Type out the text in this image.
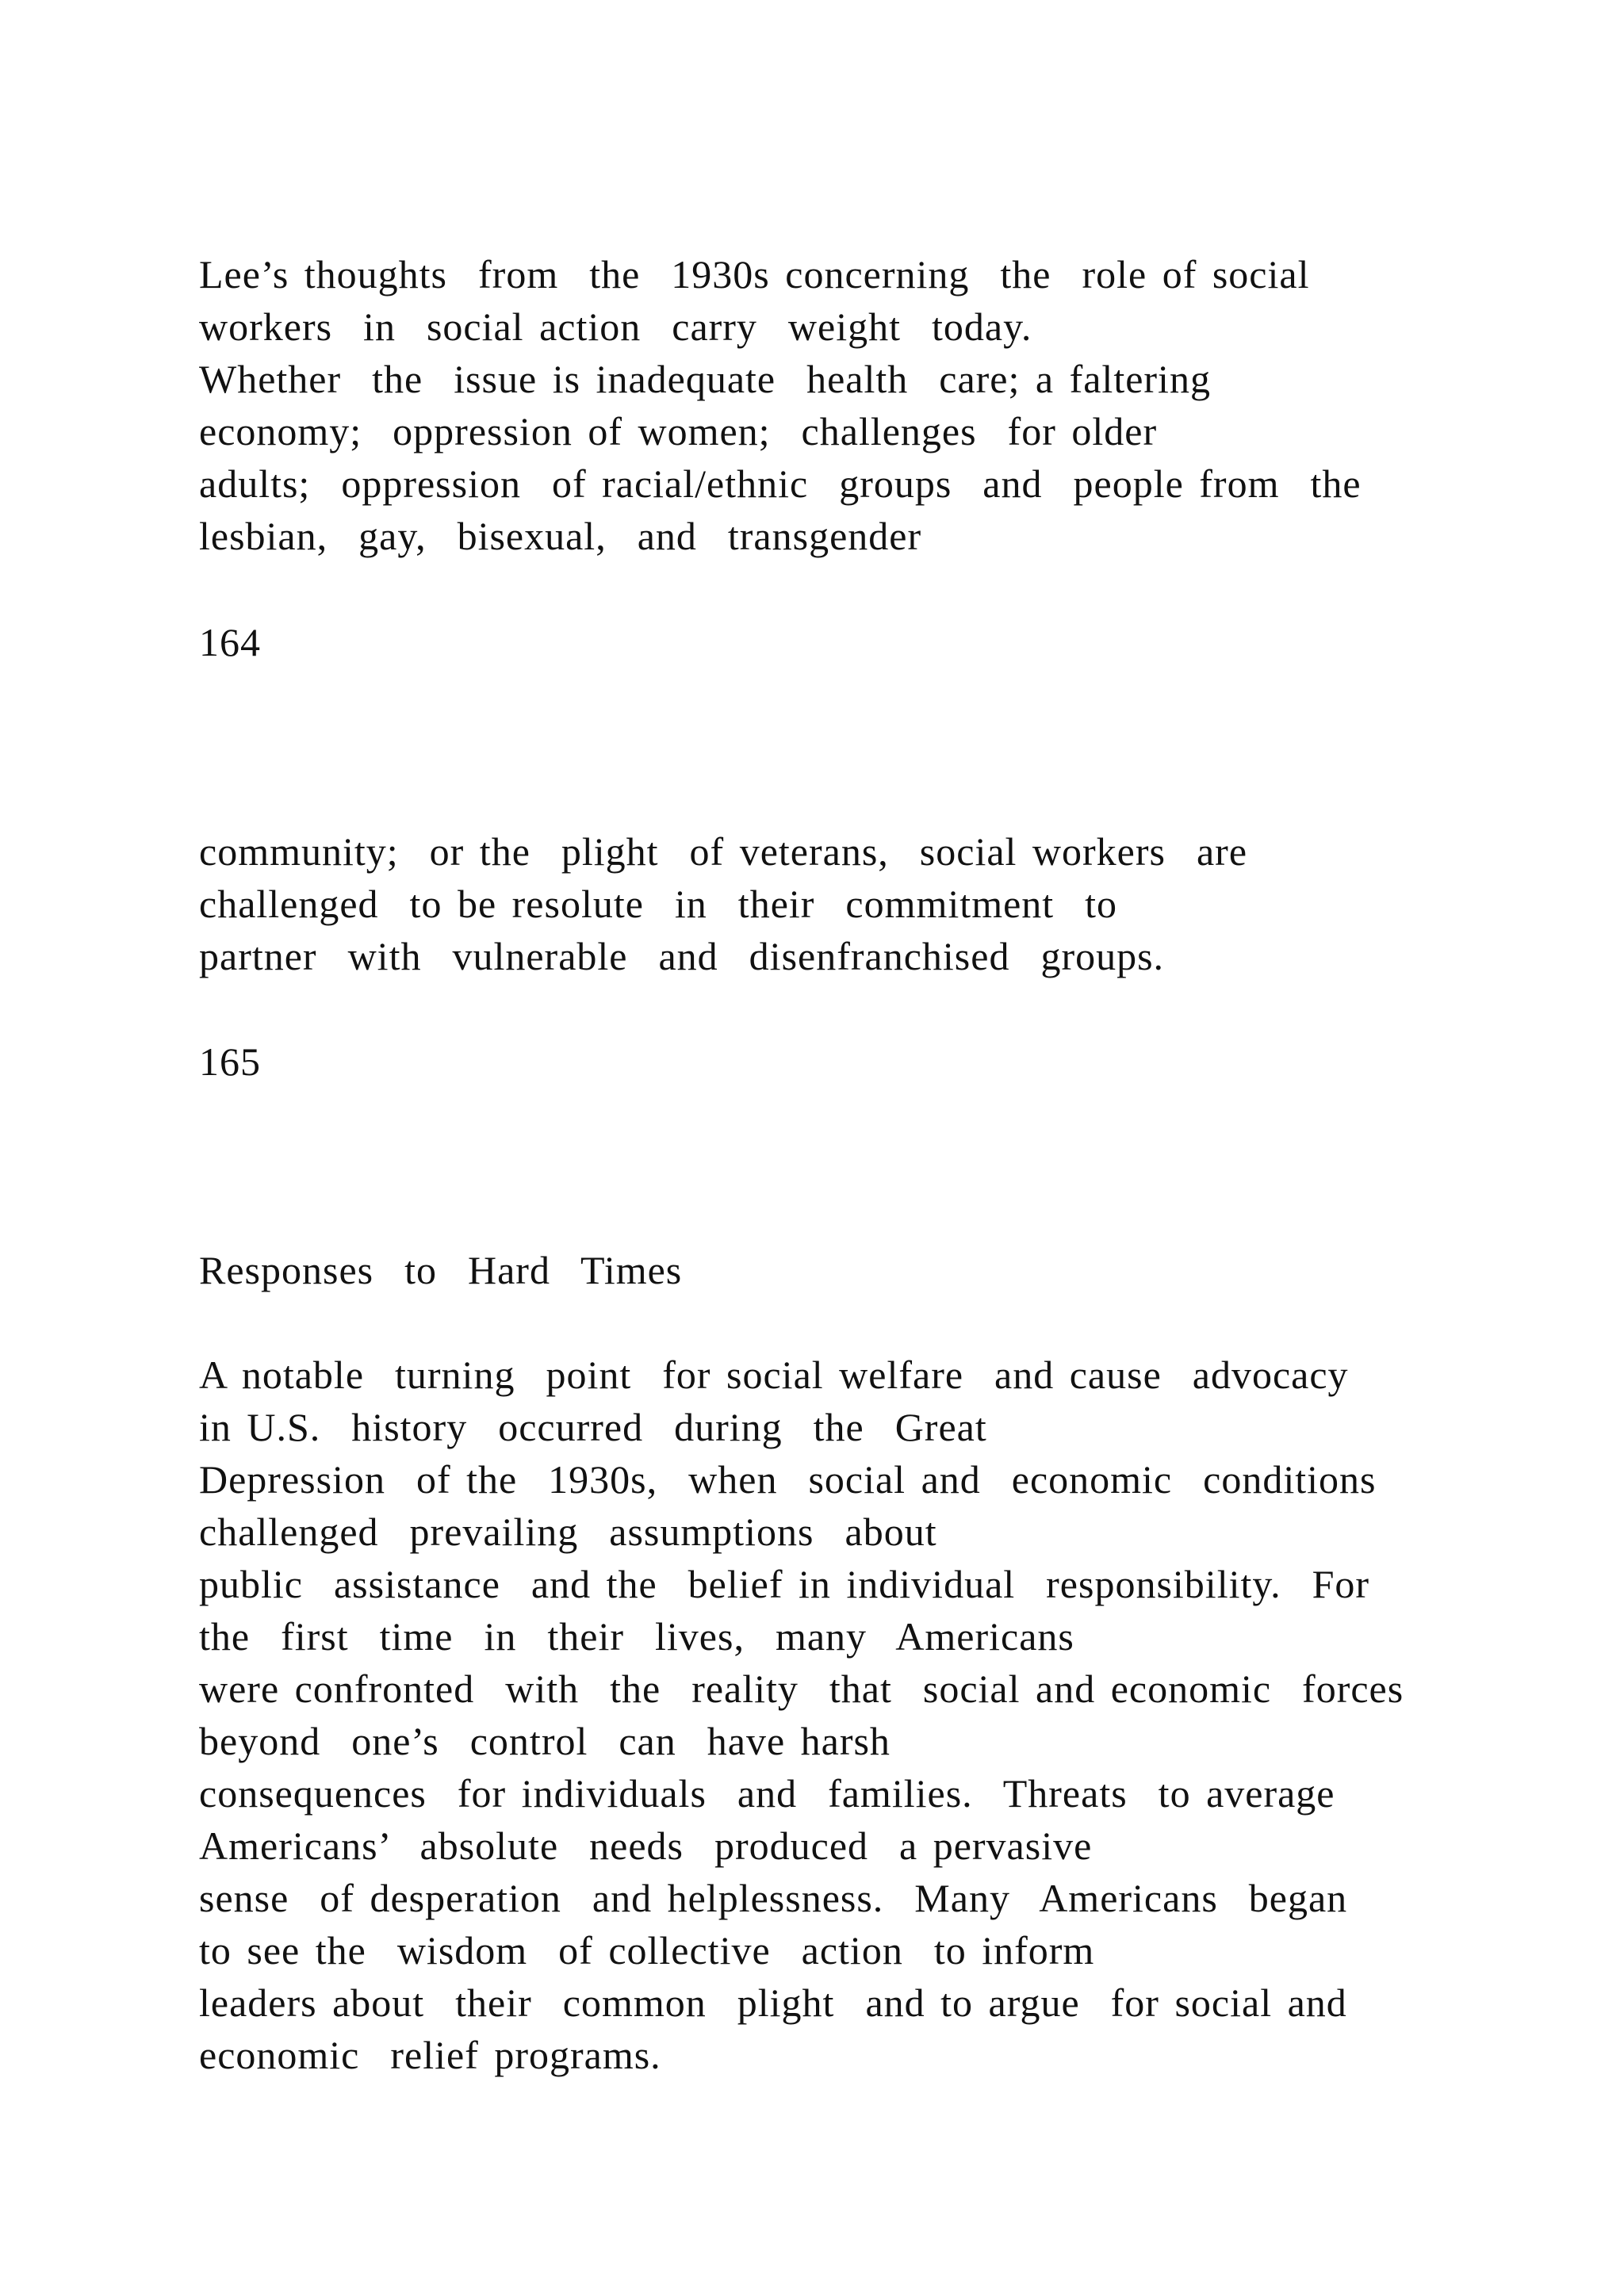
Lee’s thoughts  from  the  1930s concerning  the  role of social
workers  in  social action  carry  weight  today.
Whether  the  issue is inadequate  health  care; a faltering
economy;  oppression of women;  challenges  for older
adults;  oppression  of racial/ethnic  groups  and  people from  the
lesbian,  gay,  bisexual,  and  transgender
164
community;  or the  plight  of veterans,  social workers  are
challenged  to be resolute  in  their  commitment  to
partner  with  vulnerable  and  disenfranchised  groups.
165
Responses  to  Hard  Times
A notable  turning  point  for social welfare  and cause  advocacy
in U.S.  history  occurred  during  the  Great
Depression  of the  1930s,  when  social and  economic  conditions
challenged  prevailing  assumptions  about
public  assistance  and the  belief in individual  responsibility.  For
the  first  time  in  their  lives,  many  Americans
were confronted  with  the  reality  that  social and economic  forces
beyond  one’s  control  can  have harsh
consequences  for individuals  and  families.  Threats  to average
Americans’  absolute  needs  produced  a pervasive
sense  of desperation  and helplessness.  Many  Americans  began
to see the  wisdom  of collective  action  to inform
leaders about  their  common  plight  and to argue  for social and
economic  relief programs.
